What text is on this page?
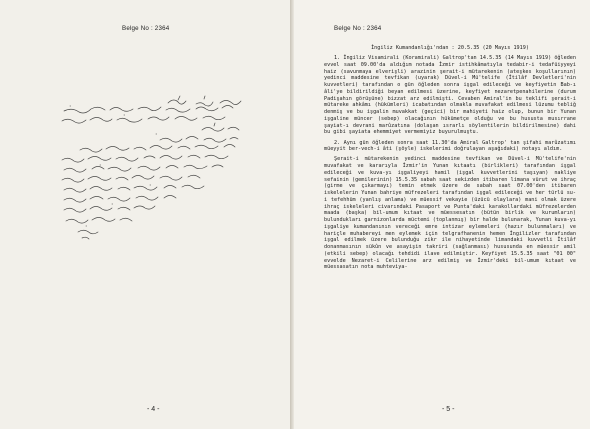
Belge No : 2364
- 4 -
Belge No : 2364
İngiliz Kumandanlığı'ndan : 20.5.35 (20 Mayıs 1919)
1. İngiliz Visamirali (Koramirali) Galtrop'tan 14.5.35 (14 Mayıs 1919) öğleden evvel saat 09.00'da aldığım notada İzmir istihkâmatıyla tedabir-i tedafüiyyeyi haiz (savunmaya elverişli) arazinin şerait-i mütarekenin (ateşkes koşullarının) yedinci maddesine tevfikan (uyarak) Düvel-i Mü'telife (İtilâf Devletleri'nin kuvvetleri) tarafından o gün öğleden sonra işgal edileceği ve keyfiyetin Bab-ı âli'ye bildirildiği beyan edilmesi üzerine, keyfiyet nezaretpenahilerine (durum Padişahın görüşüne) bizzat arz edilmişti. Cevaben Amiral'in bu teklifi şerait-i mütareke ahkâmı (hükümleri) icabatından olmakla muvafakat edilmesi lüzumu tebliğ denmiş ve bu işgalin muvakkat (geçici) bir mahiyeti haiz olup, bunun bir Yunan işgaline müncer (sebep) olacağının hükümetçe olduğu ve bu hususta musırrane şayiat-ı devrani marûzatına (dolaşan ısrarlı söylentilerin bildirilmesine) dahi bu gibi şayiata ehemmiyet vermemiyiz buyurulmuştu.
2. Aynı gün öğleden sonra saat 11.30'da Amiral Galtrop' tan şifahi marûzatımı müeyyit ber-vech-i âti (şöyle) iskelerimi doğrulayan aşağıdaki) notayı aldım.
Şerait-i mütarekenin yedinci maddesine tevfikan ve Düvel-i Mü'telife'nin muvafakat ve kararıyla İzmir'in Yunan kıtaatı (birlikleri) tarafından işgal edileceği ve kuva-yı işgaliyeyi hamil (işgal kuvvetlerini taşıyan) nakliye sefainin (gemilerinin) 15.5.35 sabah saat sekizden itibaren limana vürut ve ihraç (girme ve çıkarmayı) temin etmek üzere de sabah saat 07.00'den itibaren iskelelerin Yunan bahriye müfrezeleri tarafından işgal edileceği ve her türlü su-i tefehhüm (yanlış anlama) ve müessif vekayie (üzücü olaylara) mani olmak üzere ihraç iskeleleri civarındaki Pasaport ve Punta'daki karakollardaki müfrezelerden maada (başka) bil-umum kıtaat ve müessesatın (bütün birlik ve kurumların) bulundukları garnizonlarda müctemi (toplanmış) bir halde bulunarak, Yunan kuva-yı işgaliye kumandanının vereceği emre intizar eylemeleri (hazır bulunmaları) ve hariçle muhabereyi men eylemek için telgrafhanenin hemen İngilizler tarafından işgal edilmek üzere bulunduğu zikr ile nihayetinde limandaki kuvvetli İtilâf donanmasının sükûn ve asayişin takriri (sağlanması) hususunda en müessir amil (etkili sebep) olacağı tehdidi ilave edilmiştir. Keyfiyet 15.5.35 saat "01 00" evvelde Nezaret-i Celilerine arz edilmiş ve İzmir'deki bil-umum kıtaat ve müessasatın nota muhteviya-
- 5 -
